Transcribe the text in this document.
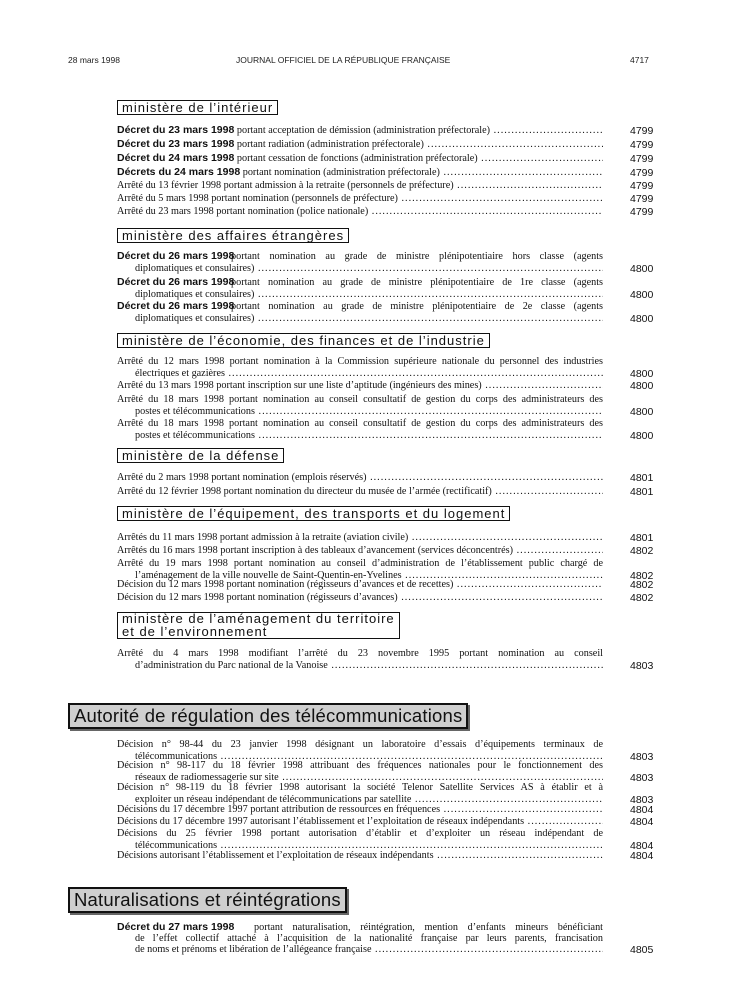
28 mars 1998	JOURNAL OFFICIEL DE LA RÉPUBLIQUE FRANÇAISE	4717
ministère de l’intérieur
ministère des affaires étrangères
ministère de l’économie, des finances et de l’industrie
ministère de la défense
ministère de l’équipement, des transports et du logement
ministère de l’aménagement du territoire
et de l’environnement
Autorité de régulation des télécommunications
Naturalisations et réintégrations
Décret du 23 mars 1998 portant acceptation de démission (administration préfectorale) .....	4799
Décret du 23 mars 1998 portant radiation (administration préfectorale) .....	4799
Décret du 24 mars 1998 portant cessation de fonctions (administration préfectorale) .....	4799
Décrets du 24 mars 1998 portant nomination (administration préfectorale) .....	4799
Arrêté du 13 février 1998 portant admission à la retraite (personnels de préfecture) .....	4799
Arrêté du 5 mars 1998 portant nomination (personnels de préfecture) .....	4799
Arrêté du 23 mars 1998 portant nomination (police nationale) .....	4799
Décret du 26 mars 1998
portant nomination au grade de ministre plénipotentiaire hors classe (agents
diplomatiques et consulaires) .....	4800
Décret du 26 mars 1998
portant nomination au grade de ministre plénipotentiaire de 1re classe (agents
diplomatiques et consulaires) .....	4800
Décret du 26 mars 1998
portant nomination au grade de ministre plénipotentiaire de 2e classe (agents
diplomatiques et consulaires) .....	4800
Arrêté du 12 mars 1998 portant nomination à la Commission supérieure nationale du personnel des industries
électriques et gazières .....	4800
Arrêté du 13 mars 1998 portant inscription sur une liste d’aptitude (ingénieurs des mines) .....	4800
Arrêté du 18 mars 1998 portant nomination au conseil consultatif de gestion du corps des administrateurs des
postes et télécommunications .....	4800
Arrêté du 18 mars 1998 portant nomination au conseil consultatif de gestion du corps des administrateurs des
postes et télécommunications .....	4800
Arrêté du 2 mars 1998 portant nomination (emplois réservés) .....	4801
Arrêté du 12 février 1998 portant nomination du directeur du musée de l’armée (rectificatif) .....	4801
Arrêtés du 11 mars 1998 portant admission à la retraite (aviation civile) .....	4801
Arrêtés du 16 mars 1998 portant inscription à des tableaux d’avancement (services déconcentrés) .....	4802
Arrêté du 19 mars 1998 portant nomination au conseil d’administration de l’établissement public chargé de
l’aménagement de la ville nouvelle de Saint-Quentin-en-Yvelines .....	4802
Décision du 12 mars 1998 portant nomination (régisseurs d’avances et de recettes) .....	4802
Décision du 12 mars 1998 portant nomination (régisseurs d’avances) .....	4802
Arrêté du 4 mars 1998 modifiant l’arrêté du 23 novembre 1995 portant nomination au conseil
d’administration du Parc national de la Vanoise .....	4803
Décision n° 98-44 du 23 janvier 1998 désignant un laboratoire d’essais d’équipements terminaux de
télécommunications .....	4803
Décision n° 98-117 du 18 février 1998 attribuant des fréquences nationales pour le fonctionnement des
réseaux de radiomessagerie sur site .....	4803
Décision n° 98-119 du 18 février 1998 autorisant la société Telenor Satellite Services AS à établir et à
exploiter un réseau indépendant de télécommunications par satellite .....	4803
Décisions du 17 décembre 1997 portant attribution de ressources en fréquences .....	4804
Décisions du 17 décembre 1997 autorisant l’établissement et l’exploitation de réseaux indépendants .....	4804
Décisions du 25 février 1998 portant autorisation d’établir et d’exploiter un réseau indépendant de
télécommunications .....	4804
Décisions autorisant l’établissement et l’exploitation de réseaux indépendants .....	4804
Décret du 27 mars 1998 portant naturalisation, réintégration, mention d’enfants mineurs bénéficiant
de l’effet collectif attaché à l’acquisition de la nationalité française par leurs parents, francisation
de noms et prénoms et libération de l’allégeance française .....	4805
